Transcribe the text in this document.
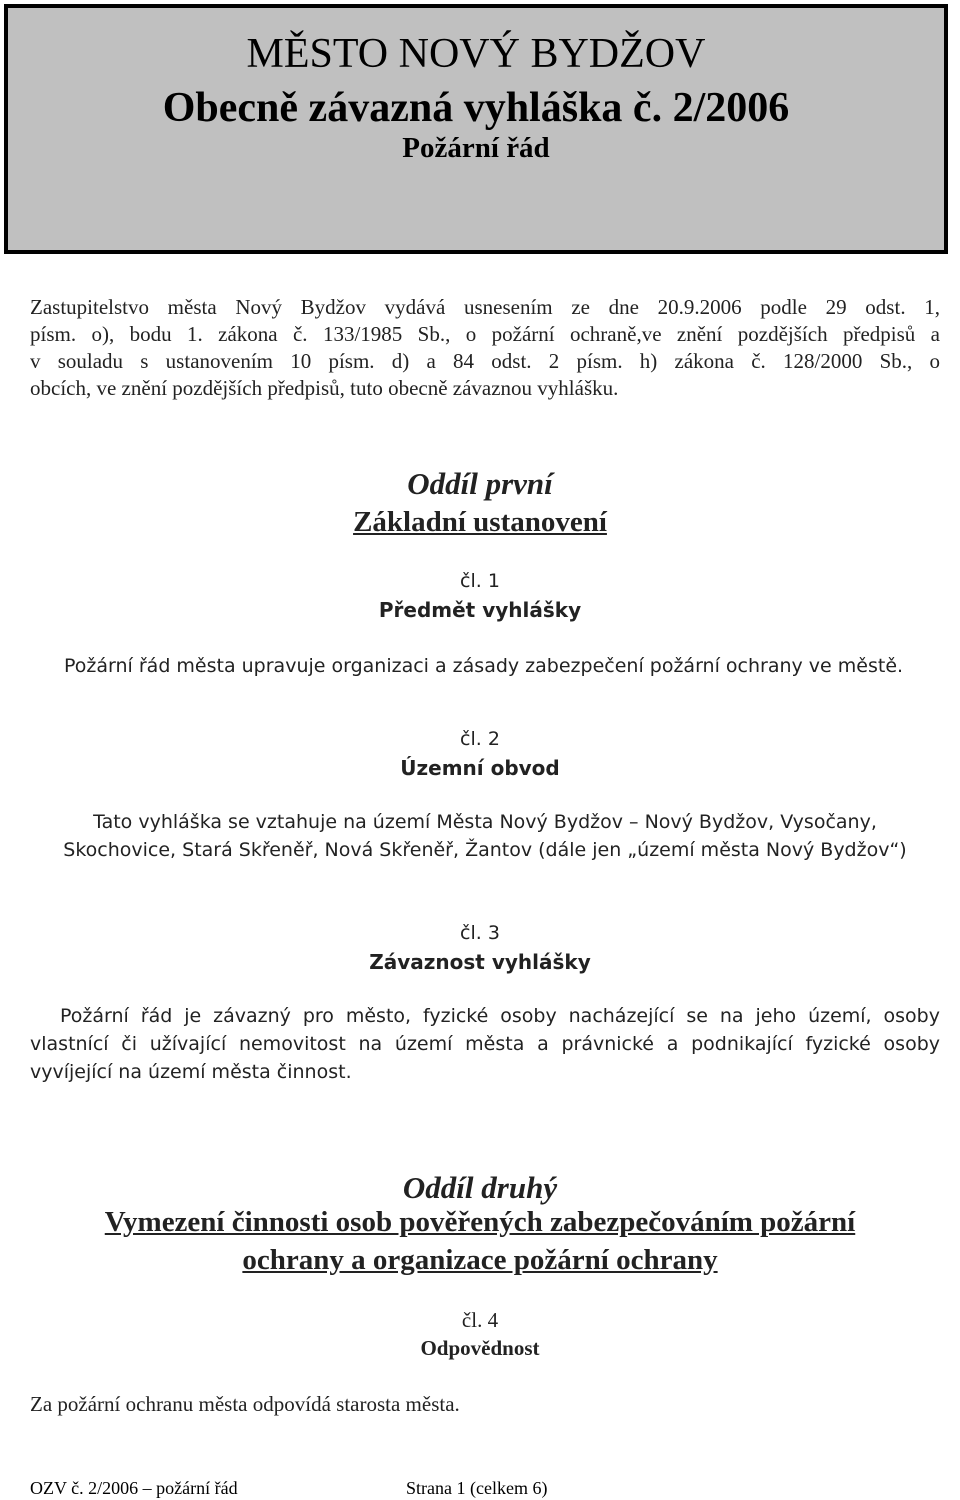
MĚSTO NOVÝ BYDŽOV
Obecně závazná vyhláška č. 2/2006
Požární řád
Zastupitelstvo města Nový Bydžov vydává usnesením ze dne 20.9.2006 podle 29 odst. 1,
písm. o), bodu 1. zákona č. 133/1985 Sb., o požární ochraně,ve znění pozdějších předpisů a
v souladu s ustanovením 10 písm. d) a 84 odst. 2 písm. h) zákona č. 128/2000 Sb., o
obcích, ve znění pozdějších předpisů, tuto obecně závaznou vyhlášku.
Oddíl první
Základní ustanovení
čl. 1
Předmět vyhlášky
Požární řád města upravuje organizaci a zásady zabezpečení požární ochrany ve městě.
čl. 2
Územní obvod
Tato vyhláška se vztahuje na území Města Nový Bydžov – Nový Bydžov, Vysočany,
Skochovice, Stará Skřeněř, Nová Skřeněř, Žantov (dále jen „území města Nový Bydžov“)
čl. 3
Závaznost vyhlášky
Požární řád je závazný pro město, fyzické osoby nacházející se na jeho území, osoby
vlastnící či užívající nemovitost na území města a právnické a podnikající fyzické osoby
vyvíjející na území města činnost.
Oddíl druhý
Vymezení činnosti osob pověřených zabezpečováním požární
ochrany a organizace požární ochrany
čl. 4
Odpovědnost
Za požární ochranu města odpovídá starosta města.
OZV č. 2/2006 – požární řád	Strana 1 (celkem 6)
